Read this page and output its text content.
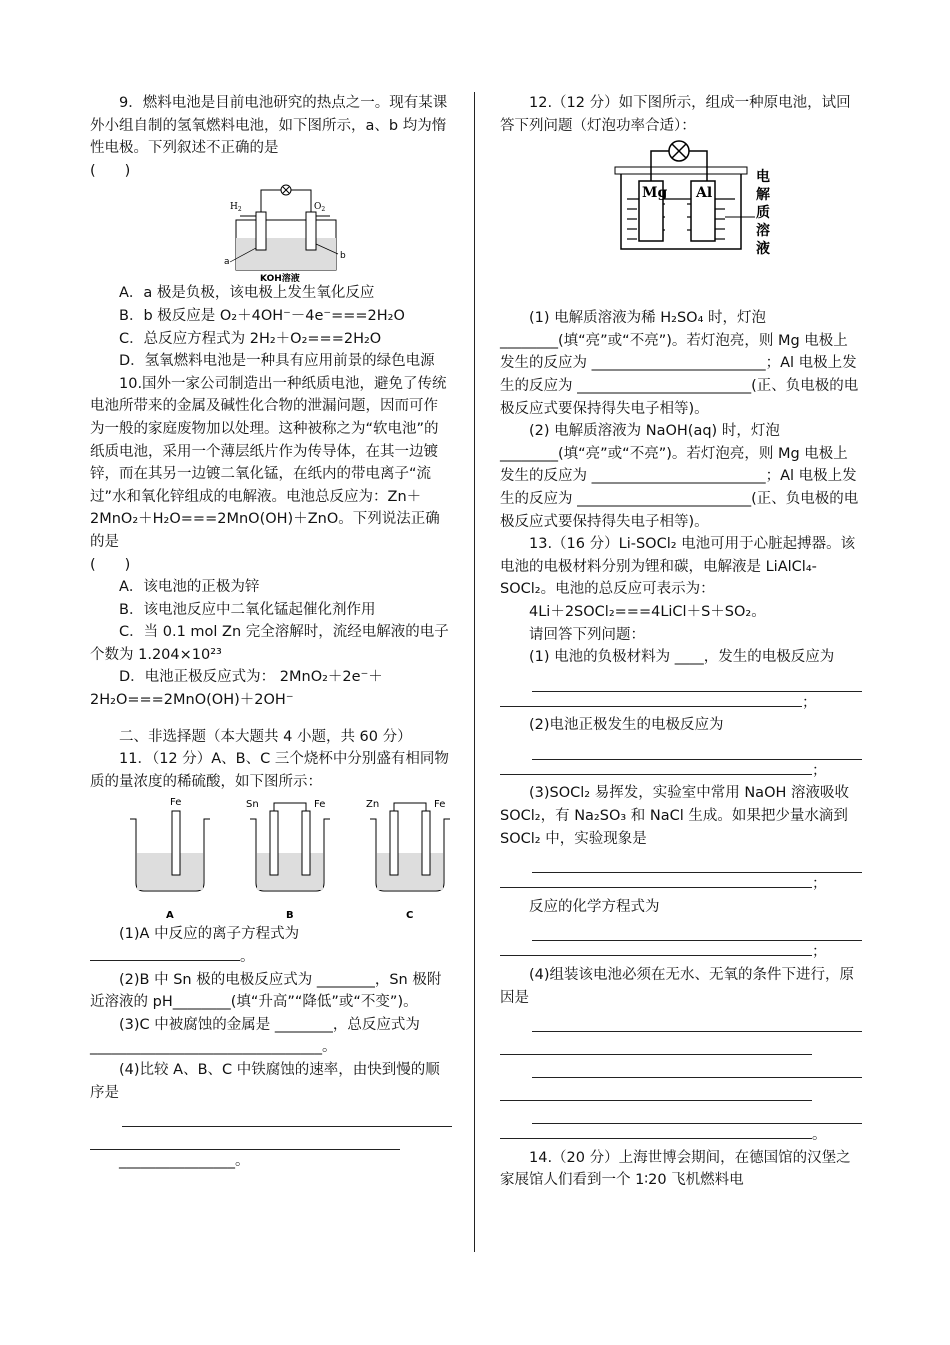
9．燃料电池是目前电池研究的热点之一。现有某课外小组自制的氢氧燃料电池，如下图所示，a、b 均为惰性电极。下列叙述不正确的是

(　　)

$H_2$	$O_2$
a
b
KOH溶液

A．a 极是负极，该电极上发生氧化反应

B．b 极反应是 O₂＋4OH⁻－4e⁻===2H₂O

C．总反应方程式为 2H₂＋O₂===2H₂O

D．氢氧燃料电池是一种具有应用前景的绿色电源

10.国外一家公司制造出一种纸质电池，避免了传统电池所带来的金属及碱性化合物的泄漏问题，因而可作为一般的家庭废物加以处理。这种被称之为“软电池”的纸质电池，采用一个薄层纸片作为传导体，在其一边镀锌，而在其另一边镀二氧化锰，在纸内的带电离子“流过”水和氧化锌组成的电解液。电池总反应为：Zn＋2MnO₂＋H₂O===2MnO(OH)＋ZnO。下列说法正确的是

(　　)

A．该电池的正极为锌

B．该电池反应中二氧化锰起催化剂作用

C．当 0.1 mol Zn 完全溶解时，流经电解液的电子个数为 1.204×10²³

D．电池正极反应式为： 2MnO₂＋2e⁻＋2H₂O===2MnO(OH)＋2OH⁻

二、非选择题（本大题共 4 小题，共 60 分）

11．（12 分）A、B、C 三个烧杯中分别盛有相同物质的量浓度的稀硫酸，如下图所示：

Fe
A
Sn	Fe
B
Zn	Fe
C

(1)A 中反应的离子方程式为

。

(2)B 中 Sn 极的电极反应式为 ________，Sn 极附近溶液的 pH________(填“升高”“降低”或“不变”)。

(3)C 中被腐蚀的金属是 ________，总反应式为 ________________________________。

(4)比较 A、B、C 中铁腐蚀的速率，由快到慢的顺序是

________________。

12.（12 分）如下图所示，组成一种原电池，试回答下列问题（灯泡功率合适）：

Mg Al
电 解 质 溶 液

(1) 电解质溶液为稀 H₂SO₄ 时，灯泡________(填“亮”或“不亮”)。若灯泡亮，则 Mg 电极上发生的反应为 ________________________；Al 电极上发生的反应为 ________________________(正、负电极的电极反应式要保持得失电子相等)。

(2) 电解质溶液为 NaOH(aq) 时，灯泡________(填“亮”或“不亮”)。若灯泡亮，则 Mg 电极上发生的反应为 ________________________；Al 电极上发生的反应为 ________________________(正、负电极的电极反应式要保持得失电子相等)。

13.（16 分）Li-SOCl₂ 电池可用于心脏起搏器。该电池的电极材料分别为锂和碳，电解液是 LiAlCl₄-SOCl₂。电池的总反应可表示为：

4Li＋2SOCl₂===4LiCl＋S＋SO₂。

请回答下列问题：

(1) 电池的负极材料为 ____，发生的电极反应为

；

(2)电池正极发生的电极反应为

；

(3)SOCl₂ 易挥发，实验室中常用 NaOH 溶液吸收 SOCl₂，有 Na₂SO₃ 和 NaCl 生成。如果把少量水滴到 SOCl₂ 中，实验现象是

；

反应的化学方程式为

；

(4)组装该电池必须在无水、无氧的条件下进行，原因是

。

14.（20 分）上海世博会期间，在德国馆的汉堡之家展馆人们看到一个 1∶20 飞机燃料电
